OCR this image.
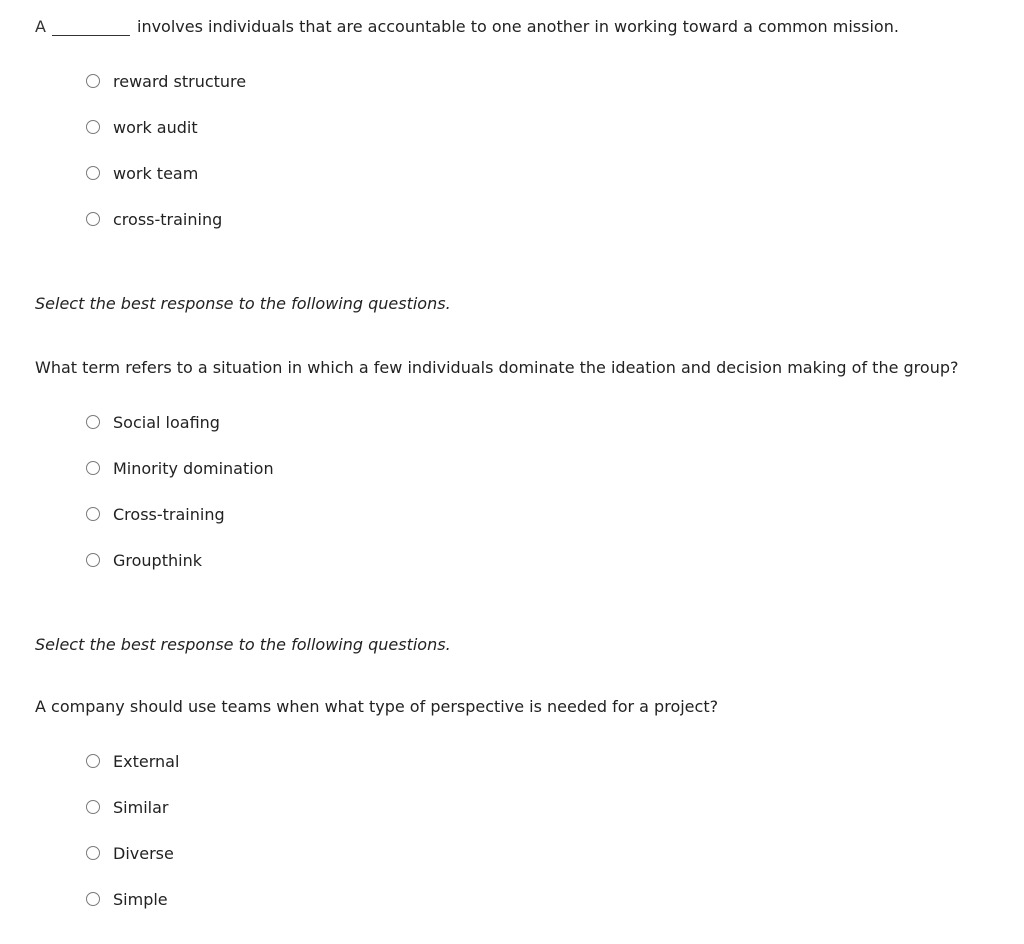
A	involves individuals that are accountable to one another in working toward a common mission.
reward structure
work audit
work team
cross-training
Select the best response to the following questions.
What term refers to a situation in which a few individuals dominate the ideation and decision making of the group?
Social loafing
Minority domination
Cross-training
Groupthink
Select the best response to the following questions.
A company should use teams when what type of perspective is needed for a project?
External
Similar
Diverse
Simple
